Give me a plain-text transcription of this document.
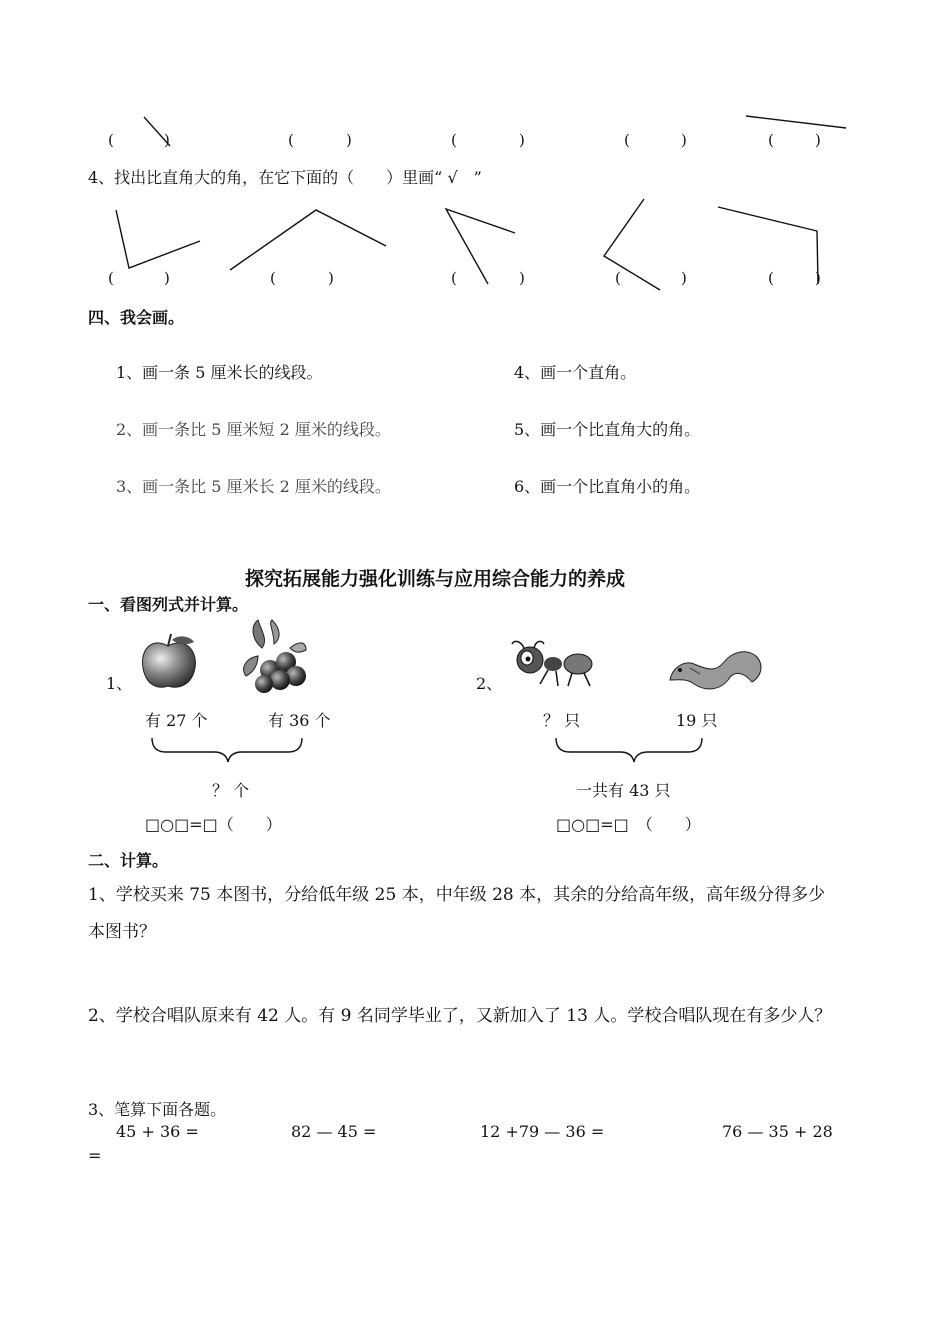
(	)	(	)	(	)	(	)	(	)
4、找出比直角大的角，在它下面的（　　）里画“ √　”
(	)	(	)	(	)	(	)	(	)
四、我会画。
1、画一条 5 厘米长的线段。	4、画一个直角。
2、画一条比 5 厘米短 2 厘米的线段。	5、画一个比直角大的角。
3、画一条比 5 厘米长 2 厘米的线段。	6、画一个比直角小的角。
探究拓展能力强化训练与应用综合能力的养成
一、看图列式并计算。
1、
有 27 个	有 36 个
？ 个
□○□=□（　　）
2、
？ 只	19 只
一共有 43 只
□○□=□　（　　）
二、计算。
1、学校买来 75 本图书，分给低年级 25 本，中年级 28 本，其余的分给高年级，高年级分得多少
本图书？
2、学校合唱队原来有 42 人。有 9 名同学毕业了，又新加入了 13 人。学校合唱队现在有多少人？
3、笔算下面各题。
45 + 36 =	82 — 45 =	12 +79 — 36 =	76 — 35 + 28
=
